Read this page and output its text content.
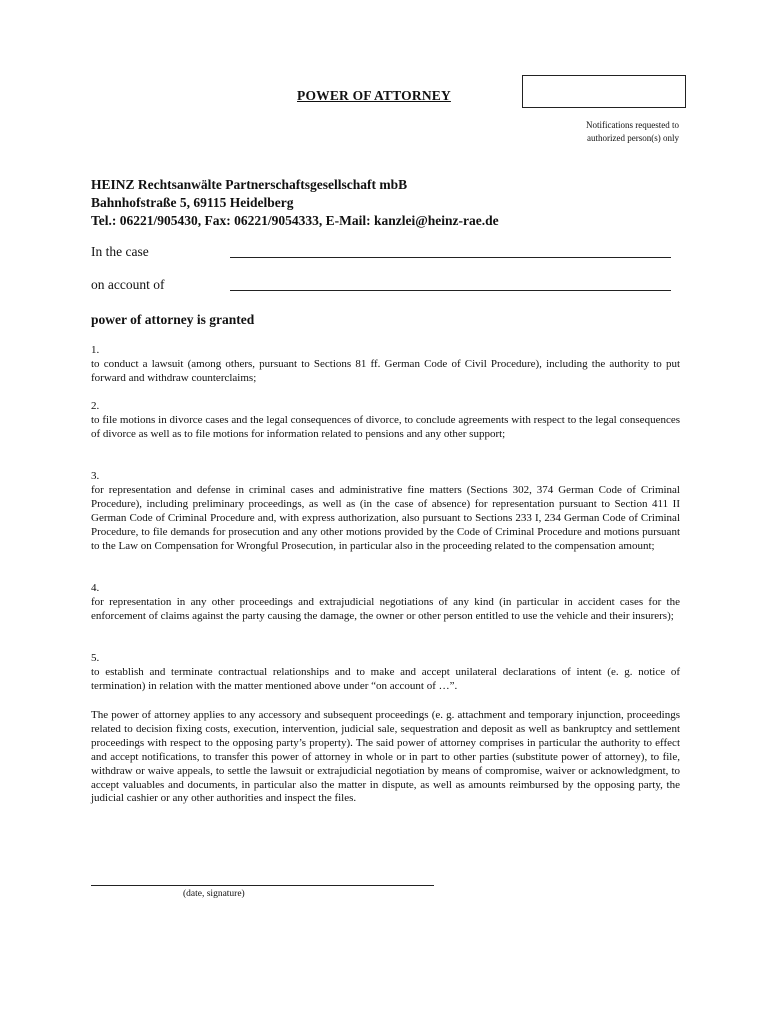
POWER OF ATTORNEY
Notifications requested to
authorized person(s) only
HEINZ Rechtsanwälte Partnerschaftsgesellschaft mbB
Bahnhofstraße 5, 69115 Heidelberg
Tel.: 06221/905430, Fax: 06221/9054333, E-Mail: kanzlei@heinz-rae.de
In the case
on account of
power of attorney is granted
1.
to conduct a lawsuit (among others, pursuant to Sections 81 ff. German Code of Civil Procedure), including the authority to put forward and withdraw counterclaims;
2.
to file motions in divorce cases and the legal consequences of divorce, to conclude agreements with respect to the legal consequences of divorce as well as to file motions for information related to pensions and any other support;
3.
for representation and defense in criminal cases and administrative fine matters (Sections 302, 374 German Code of Criminal Procedure), including preliminary proceedings, as well as (in the case of absence) for representation pursuant to Section 411 II German Code of Criminal Procedure and, with express authorization, also pursuant to Sections 233 I, 234 German Code of Criminal Procedure, to file demands for prosecution and any other motions provided by the Code of Criminal Procedure and motions pursuant to the Law on Compensation for Wrongful Prosecution, in particular also in the proceeding related to the compensation amount;
4.
for representation in any other proceedings and extrajudicial negotiations of any kind (in particular in accident cases for the enforcement of claims against the party causing the damage, the owner or other person entitled to use the vehicle and their insurers);
5.
to establish and terminate contractual relationships and to make and accept unilateral declarations of intent (e. g. notice of termination) in relation with the matter mentioned above under “on account of …”.
The power of attorney applies to any accessory and subsequent proceedings (e. g. attachment and temporary injunction, proceedings related to decision fixing costs, execution, intervention, judicial sale, sequestration and deposit as well as bankruptcy and settlement proceedings with respect to the opposing party’s property). The said power of attorney comprises in particular the authority to effect and accept notifications, to transfer this power of attorney in whole or in part to other parties (substitute power of attorney), to file, withdraw or waive appeals, to settle the lawsuit or extrajudicial negotiation by means of compromise, waiver or acknowledgment, to accept valuables and documents, in particular also the matter in dispute, as well as amounts reimbursed by the opposing party, the judicial cashier or any other authorities and inspect the files.
(date, signature)
